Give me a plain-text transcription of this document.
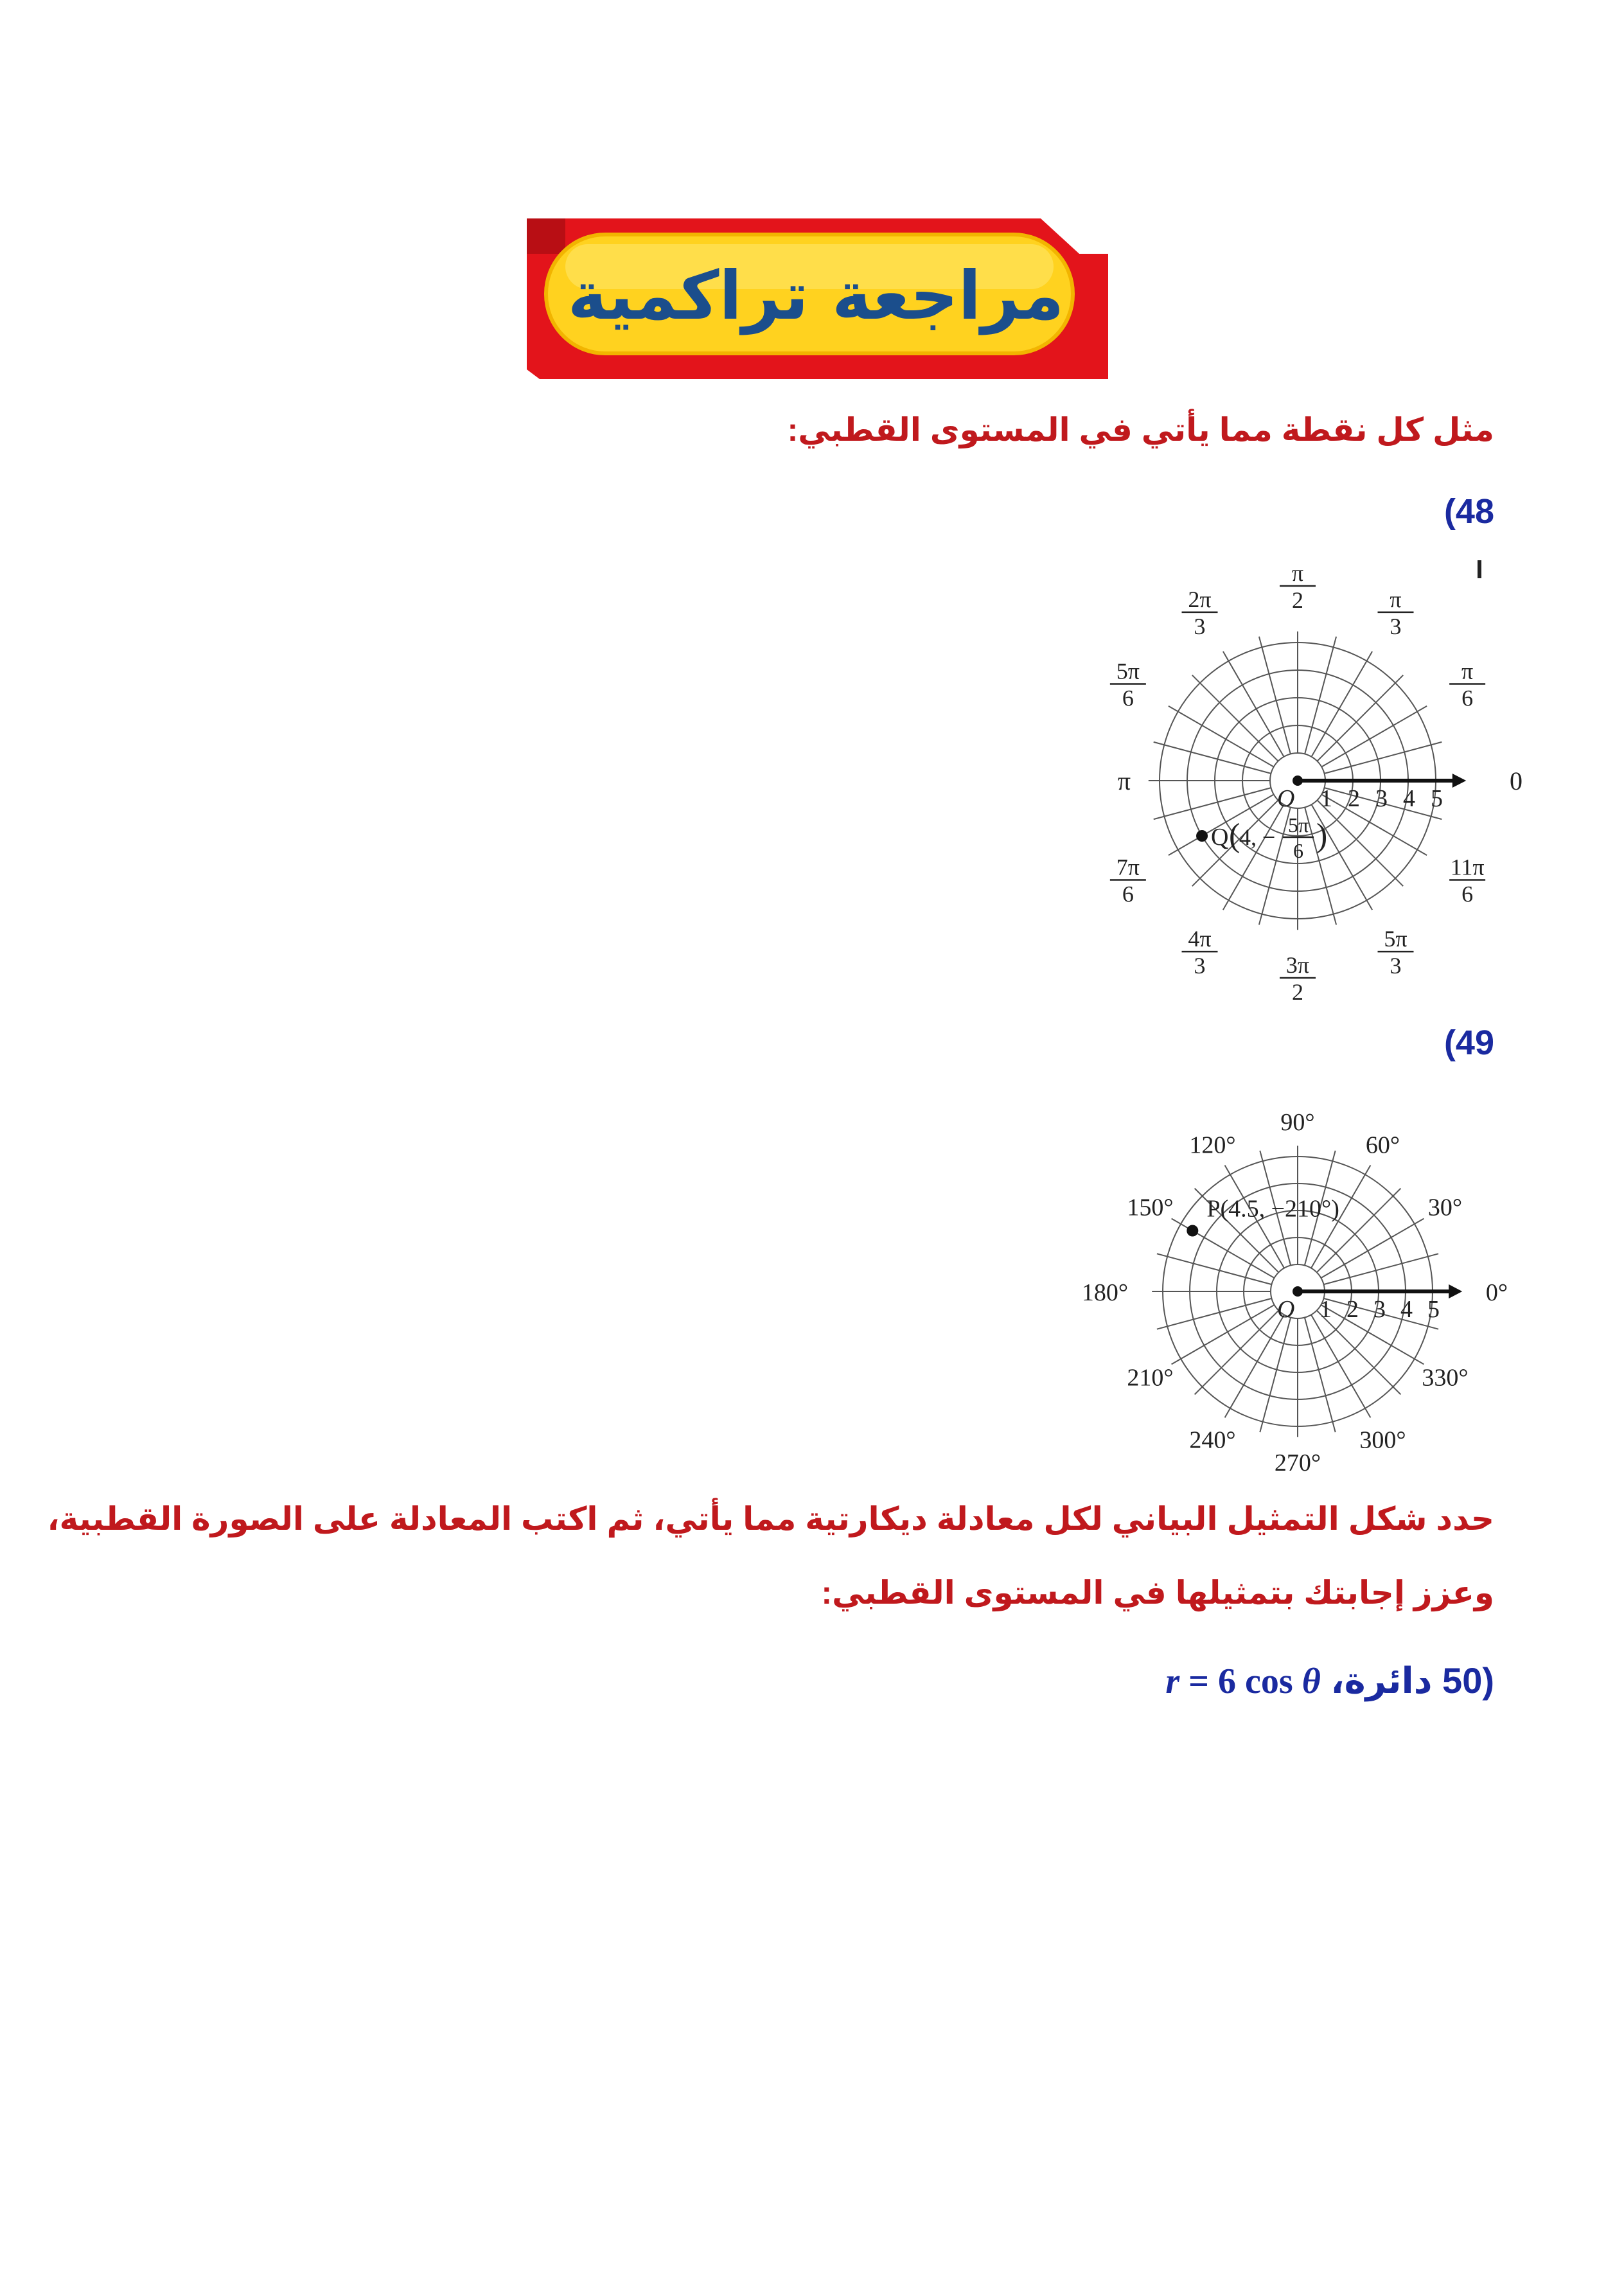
مراجعة تراكمية
مثل كل نقطة مما يأتي في المستوى القطبي:
(48
π
2	π
3
2π
3
π
6
5π
6
0
π
7π
6
11π
6
4π
3
5π
3
3π
2
1 2 3 4 5
O
Q (
4, − 5π
6 )
(49
90°
60°
120°
30°
150°
0°
180°
210°	330°
240°	300°
270°
1 2 3 4 5
O
P(4.5, −210°)
حدد شكل التمثيل البياني لكل معادلة ديكارتية مما يأتي، ثم اكتب المعادلة على الصورة القطبية،
وعزز إجابتك بتمثيلها في المستوى القطبي:
(50 دائرة، r = 6 cos θ
